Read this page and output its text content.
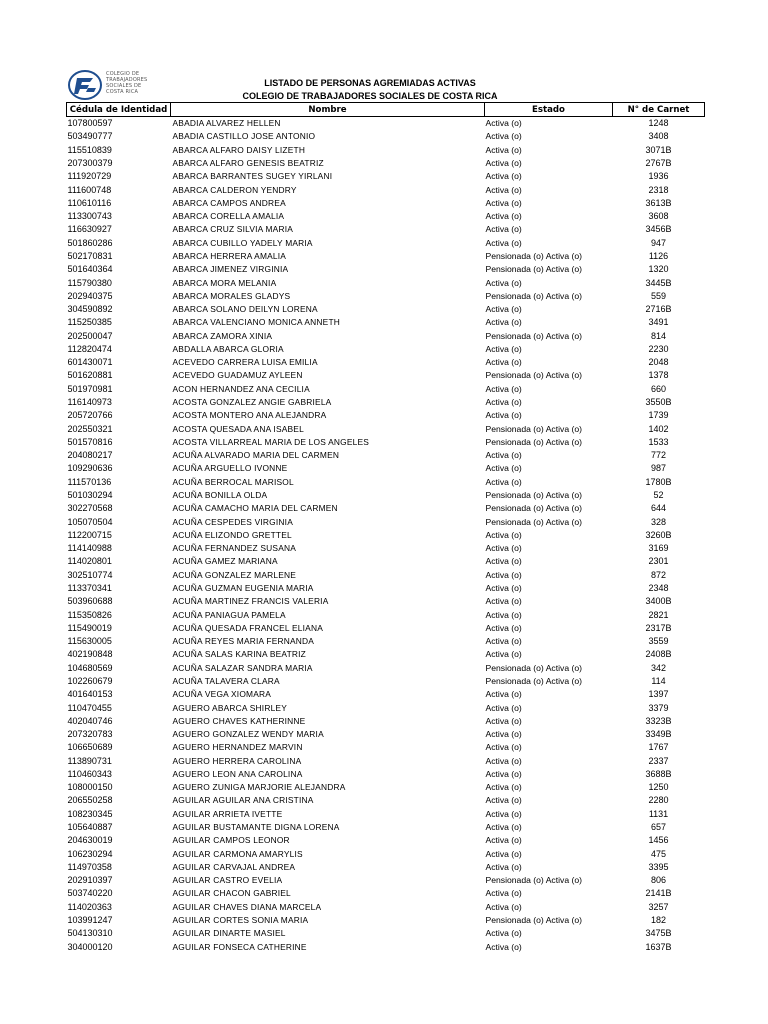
COLEGIO DE
TRABAJADORES
SOCIALES DE
COSTA RICA
LISTADO DE PERSONAS AGREMIADAS ACTIVAS
COLEGIO DE TRABAJADORES SOCIALES DE COSTA RICA
Cédula de Identidad	Nombre	Estado	N° de Carnet
107800597	ABADIA ALVAREZ HELLEN	Activa (o)	1248
503490777	ABADIA CASTILLO JOSE ANTONIO	Activa (o)	3408
115510839	ABARCA ALFARO DAISY LIZETH	Activa (o)	3071B
207300379	ABARCA ALFARO GENESIS BEATRIZ	Activa (o)	2767B
111920729	ABARCA BARRANTES SUGEY YIRLANI	Activa (o)	1936
111600748	ABARCA CALDERON YENDRY	Activa (o)	2318
110610116	ABARCA CAMPOS ANDREA	Activa (o)	3613B
113300743	ABARCA CORELLA AMALIA	Activa (o)	3608
116630927	ABARCA CRUZ SILVIA MARIA	Activa (o)	3456B
501860286	ABARCA CUBILLO YADELY MARIA	Activa (o)	947
502170831	ABARCA HERRERA AMALIA	Pensionada (o) Activa (o)	1126
501640364	ABARCA JIMENEZ VIRGINIA	Pensionada (o) Activa (o)	1320
115790380	ABARCA MORA MELANIA	Activa (o)	3445B
202940375	ABARCA MORALES GLADYS	Pensionada (o) Activa (o)	559
304590892	ABARCA SOLANO DEILYN LORENA	Activa (o)	2716B
115250385	ABARCA VALENCIANO MONICA ANNETH	Activa (o)	3491
202500047	ABARCA ZAMORA XINIA	Pensionada (o) Activa (o)	814
112820474	ABDALLA ABARCA GLORIA	Activa (o)	2230
601430071	ACEVEDO CARRERA LUISA EMILIA	Activa (o)	2048
501620881	ACEVEDO GUADAMUZ AYLEEN	Pensionada (o) Activa (o)	1378
501970981	ACON HERNANDEZ ANA CECILIA	Activa (o)	660
116140973	ACOSTA GONZALEZ ANGIE GABRIELA	Activa (o)	3550B
205720766	ACOSTA MONTERO ANA ALEJANDRA	Activa (o)	1739
202550321	ACOSTA QUESADA ANA ISABEL	Pensionada (o) Activa (o)	1402
501570816	ACOSTA VILLARREAL MARIA DE LOS ANGELES	Pensionada (o) Activa (o)	1533
204080217	ACUÑA ALVARADO MARIA DEL CARMEN	Activa (o)	772
109290636	ACUÑA ARGUELLO IVONNE	Activa (o)	987
111570136	ACUÑA BERROCAL MARISOL	Activa (o)	1780B
501030294	ACUÑA BONILLA OLDA	Pensionada (o) Activa (o)	52
302270568	ACUÑA CAMACHO MARIA DEL CARMEN	Pensionada (o) Activa (o)	644
105070504	ACUÑA CESPEDES VIRGINIA	Pensionada (o) Activa (o)	328
112200715	ACUÑA ELIZONDO GRETTEL	Activa (o)	3260B
114140988	ACUÑA FERNANDEZ SUSANA	Activa (o)	3169
114020801	ACUÑA GAMEZ MARIANA	Activa (o)	2301
302510774	ACUÑA GONZALEZ MARLENE	Activa (o)	872
113370341	ACUÑA GUZMAN EUGENIA MARIA	Activa (o)	2348
503960688	ACUÑA MARTINEZ FRANCIS VALERIA	Activa (o)	3400B
115350826	ACUÑA PANIAGUA PAMELA	Activa (o)	2821
115490019	ACUÑA QUESADA FRANCEL ELIANA	Activa (o)	2317B
115630005	ACUÑA REYES MARIA FERNANDA	Activa (o)	3559
402190848	ACUÑA SALAS KARINA BEATRIZ	Activa (o)	2408B
104680569	ACUÑA SALAZAR SANDRA MARIA	Pensionada (o) Activa (o)	342
102260679	ACUÑA TALAVERA CLARA	Pensionada (o) Activa (o)	114
401640153	ACUÑA VEGA XIOMARA	Activa (o)	1397
110470455	AGUERO ABARCA SHIRLEY	Activa (o)	3379
402040746	AGUERO CHAVES KATHERINNE	Activa (o)	3323B
207320783	AGUERO GONZALEZ WENDY MARIA	Activa (o)	3349B
106650689	AGUERO HERNANDEZ MARVIN	Activa (o)	1767
113890731	AGUERO HERRERA CAROLINA	Activa (o)	2337
110460343	AGUERO LEON ANA CAROLINA	Activa (o)	3688B
108000150	AGUERO ZUNIGA MARJORIE ALEJANDRA	Activa (o)	1250
206550258	AGUILAR AGUILAR ANA CRISTINA	Activa (o)	2280
108230345	AGUILAR ARRIETA IVETTE	Activa (o)	1131
105640887	AGUILAR BUSTAMANTE DIGNA LORENA	Activa (o)	657
204630019	AGUILAR CAMPOS LEONOR	Activa (o)	1456
106230294	AGUILAR CARMONA AMARYLIS	Activa (o)	475
114970358	AGUILAR CARVAJAL ANDREA	Activa (o)	3395
202910397	AGUILAR CASTRO EVELIA	Pensionada (o) Activa (o)	806
503740220	AGUILAR CHACON GABRIEL	Activa (o)	2141B
114020363	AGUILAR CHAVES DIANA MARCELA	Activa (o)	3257
103991247	AGUILAR CORTES SONIA MARIA	Pensionada (o) Activa (o)	182
504130310	AGUILAR DINARTE MASIEL	Activa (o)	3475B
304000120	AGUILAR FONSECA CATHERINE	Activa (o)	1637B
